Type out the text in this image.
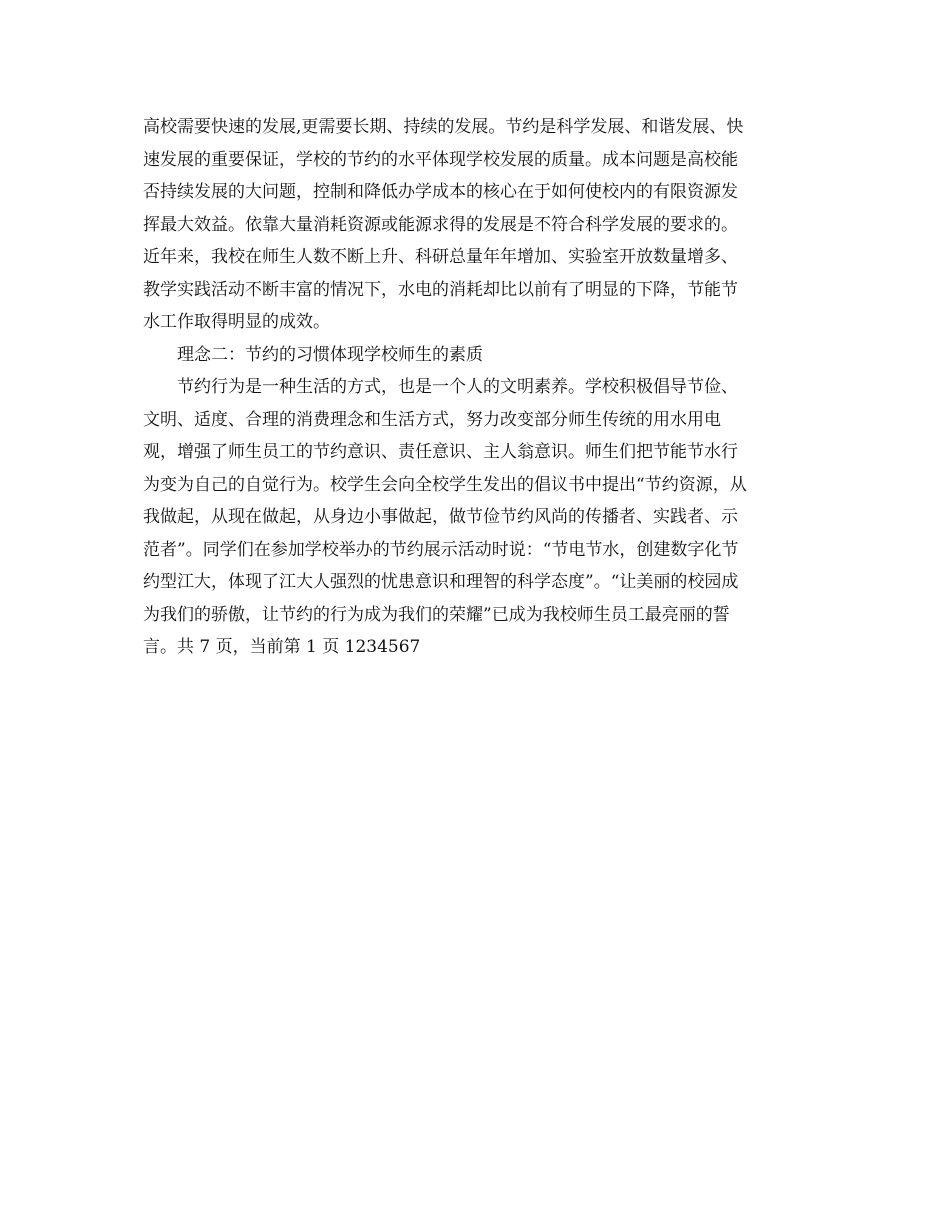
高校需要快速的发展,更需要长期、持续的发展。节约是科学发展、和谐发展、快
速发展的重要保证，学校的节约的水平体现学校发展的质量。成本问题是高校能
否持续发展的大问题，控制和降低办学成本的核心在于如何使校内的有限资源发
挥最大效益。依靠大量消耗资源或能源求得的发展是不符合科学发展的要求的。
近年来，我校在师生人数不断上升、科研总量年年增加、实验室开放数量增多、
教学实践活动不断丰富的情况下，水电的消耗却比以前有了明显的下降，节能节
水工作取得明显的成效。
理念二：节约的习惯体现学校师生的素质
节约行为是一种生活的方式，也是一个人的文明素养。学校积极倡导节俭、
文明、适度、合理的消费理念和生活方式，努力改变部分师生传统的用水用电
观，增强了师生员工的节约意识、责任意识、主人翁意识。师生们把节能节水行
为变为自己的自觉行为。校学生会向全校学生发出的倡议书中提出“节约资源，从
我做起，从现在做起，从身边小事做起，做节俭节约风尚的传播者、实践者、示
范者”。同学们在参加学校举办的节约展示活动时说：“节电节水，创建数字化节
约型江大，体现了江大人强烈的忧患意识和理智的科学态度”。“让美丽的校园成
为我们的骄傲，让节约的行为成为我们的荣耀”已成为我校师生员工最亮丽的誓
言。共 7 页，当前第 1 页 1234567
